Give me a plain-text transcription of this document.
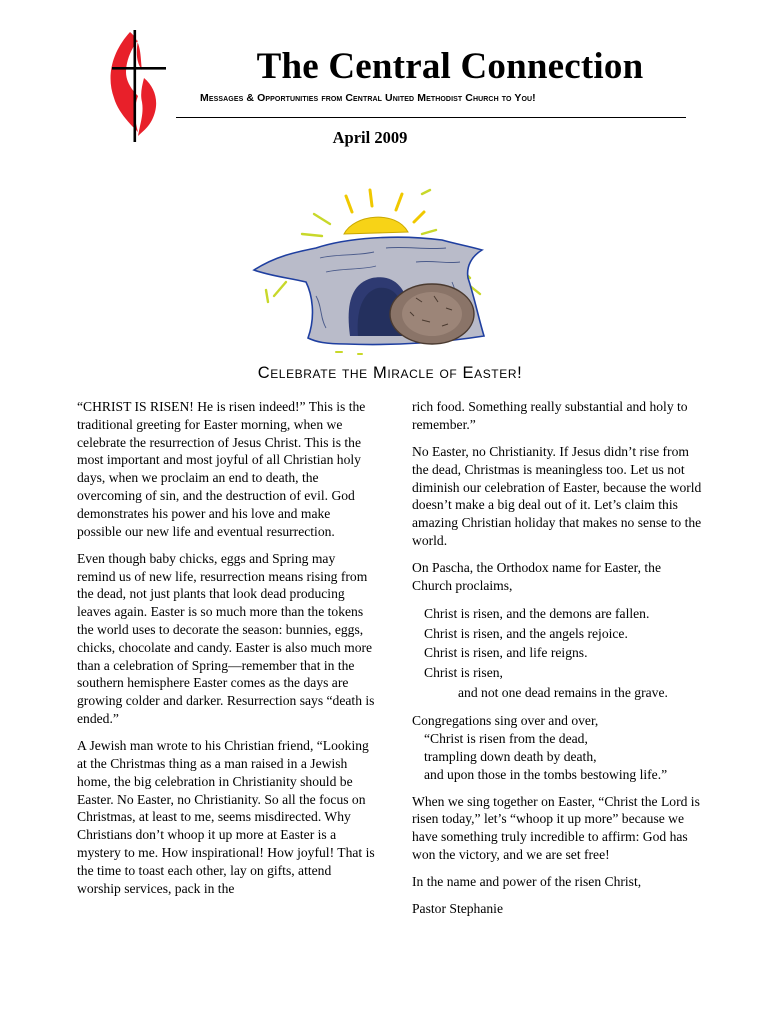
The Central Connection
Messages & Opportunities from Central United Methodist Church to You!
April 2009
Celebrate the Miracle of Easter!

“CHRIST IS RISEN! He is risen indeed!” This is the traditional greeting for Easter morning, when we celebrate the resurrection of Jesus Christ. This is the most important and most joyful of all Christian holy days, when we proclaim an end to death, the overcoming of sin, and the destruction of evil. God demonstrates his power and his love and make possible our new life and eventual resurrection.

Even though baby chicks, eggs and Spring may remind us of new life, resurrection means rising from the dead, not just plants that look dead producing leaves again. Easter is so much more than the tokens the world uses to decorate the season: bunnies, eggs, chicks, chocolate and candy. Easter is also much more than a celebration of Spring—remember that in the southern hemisphere Easter comes as the days are growing colder and darker. Resurrection says “death is ended.”

A Jewish man wrote to his Christian friend, “Looking at the Christmas thing as a man raised in a Jewish home, the big celebration in Christianity should be Easter. No Easter, no Christianity. So all the focus on Christmas, at least to me, seems misdirected. Why Christians don’t whoop it up more at Easter is a mystery to me. How inspirational! How joyful! That is the time to toast each other, lay on gifts, attend worship services, pack in the

rich food. Something really substantial and holy to remember.”

No Easter, no Christianity. If Jesus didn’t rise from the dead, Christmas is meaningless too. Let us not diminish our celebration of Easter, because the world doesn’t make a big deal out of it. Let’s claim this amazing Christian holiday that makes no sense to the world.

On Pascha, the Orthodox name for Easter, the Church proclaims,

Christ is risen, and the demons are fallen.
Christ is risen, and the angels rejoice.
Christ is risen, and life reigns.
Christ is risen,
and not one dead remains in the grave.

Congregations sing over and over,
“Christ is risen from the dead,
trampling down death by death,
and upon those in the tombs bestowing life.”

When we sing together on Easter, “Christ the Lord is risen today,” let’s “whoop it up more” because we have something truly incredible to affirm: God has won the victory, and we are set free!

In the name and power of the risen Christ,

Pastor Stephanie
